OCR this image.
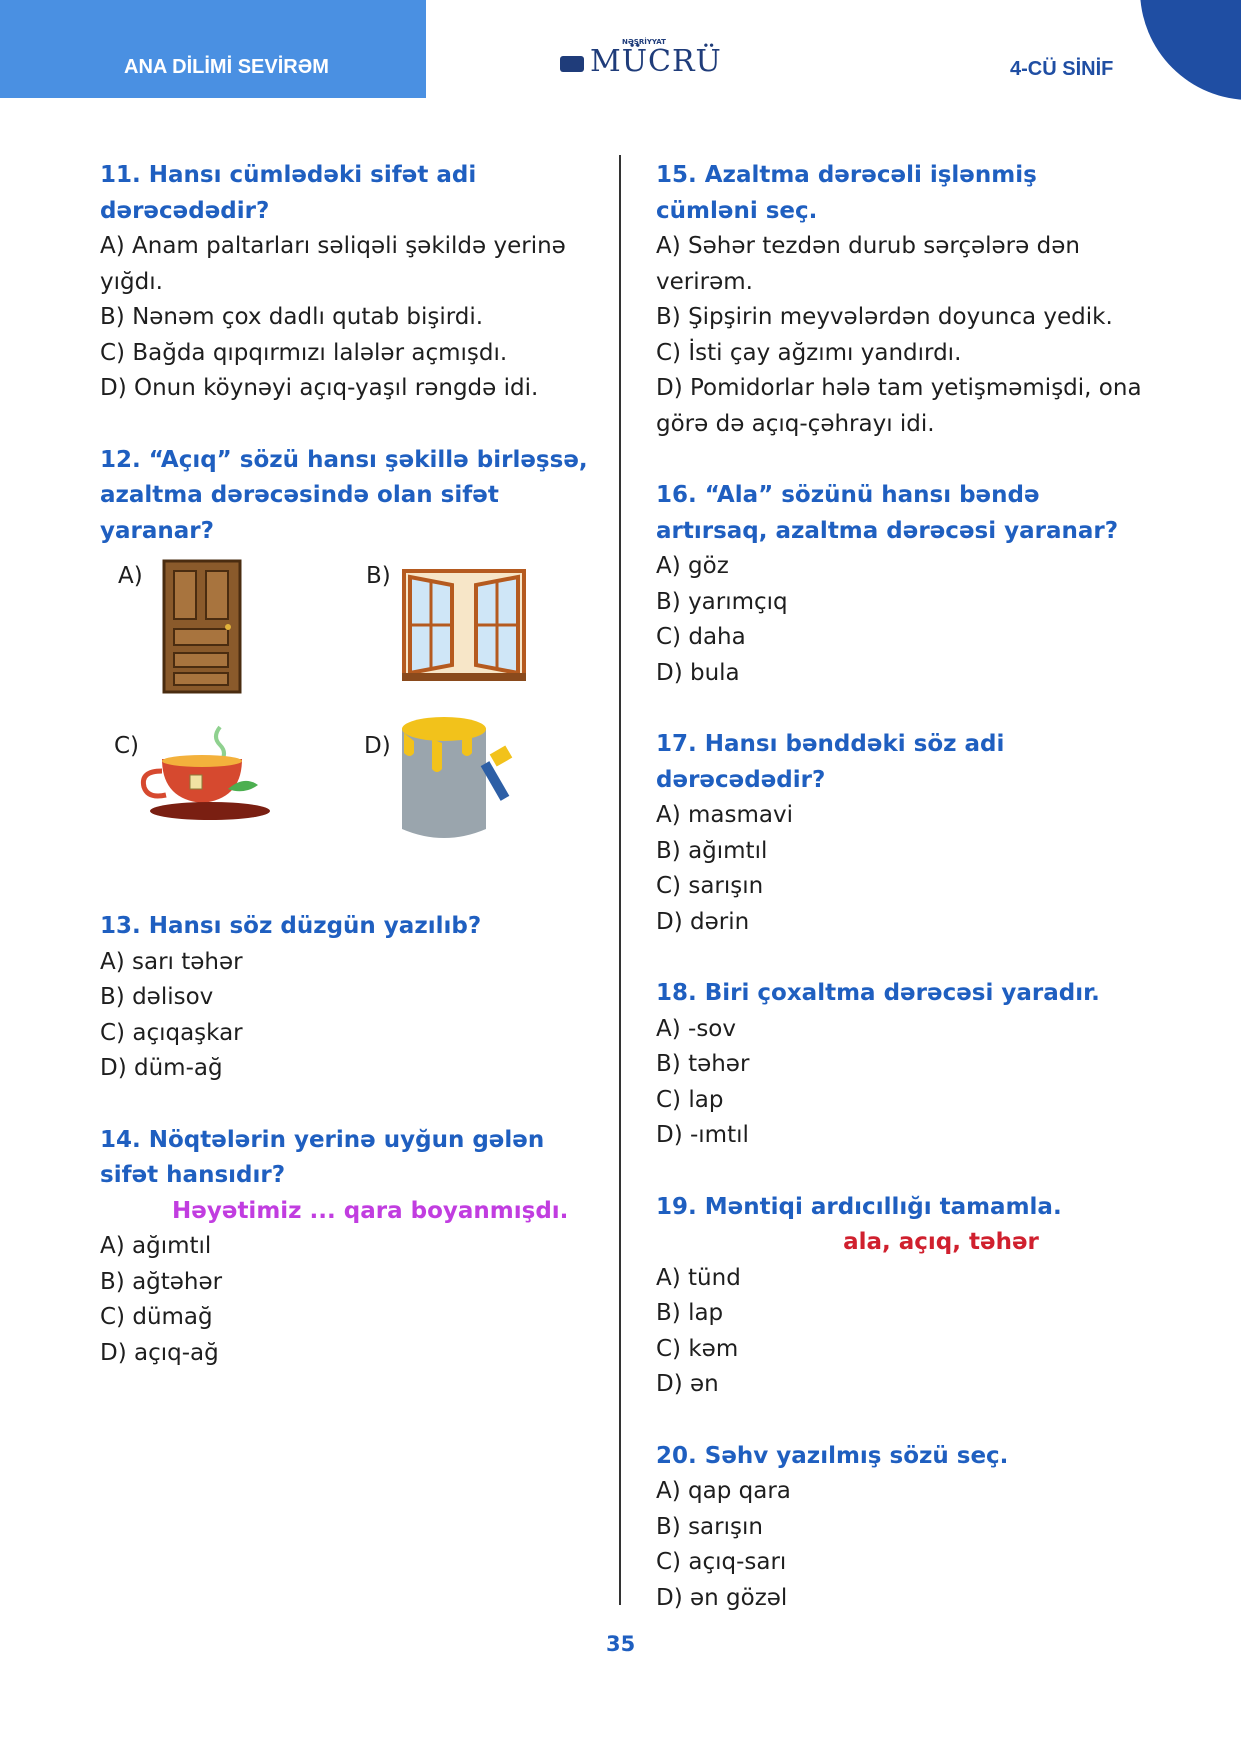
ANA DİLİMİ SEVİRƏM
NƏŞRİYYAT
MÜCRÜ	4-CÜ SİNİF
11. Hansı cümlədəki sifət adi dərəcədədir?
A) Anam paltarları səliqəli şəkildə yerinə yığdı.
B) Nənəm çox dadlı qutab bişirdi.
C) Bağda qıpqırmızı lalələr açmışdı.
D) Onun köynəyi açıq-yaşıl rəngdə idi.
12. “Açıq” sözü hansı şəkillə birləşsə, azaltma dərəcəsində olan sifət yaranar?
A)	B)
C)	D)
13. Hansı söz düzgün yazılıb?
A) sarı təhər
B) dəlisov
C) açıqaşkar
D) düm-ağ
14. Nöqtələrin yerinə uyğun gələn sifət hansıdır?
Həyətimiz ... qara boyanmışdı.
A) ağımtıl
B) ağtəhər
C) dümağ
D) açıq-ağ
15. Azaltma dərəcəli işlənmiş cümləni seç.
A) Səhər tezdən durub sərçələrə dən verirəm.
B) Şipşirin meyvələrdən doyunca yedik.
C) İsti çay ağzımı yandırdı.
D) Pomidorlar hələ tam yetişməmişdi, ona görə də açıq-çəhrayı idi.
16. “Ala” sözünü hansı bəndə artırsaq, azaltma dərəcəsi yaranar?
A) göz
B) yarımçıq
C) daha
D) bula
17. Hansı bənddəki söz adi dərəcədədir?
A) masmavi
B) ağımtıl
C) sarışın
D) dərin
18. Biri çoxaltma dərəcəsi yaradır.
A) -sov
B) təhər
C) lap
D) -ımtıl
19. Məntiqi ardıcıllığı tamamla.
ala, açıq, təhər
A) tünd
B) lap
C) kəm
D) ən
20. Səhv yazılmış sözü seç.
A) qap qara
B) sarışın
C) açıq-sarı
D) ən gözəl
35
